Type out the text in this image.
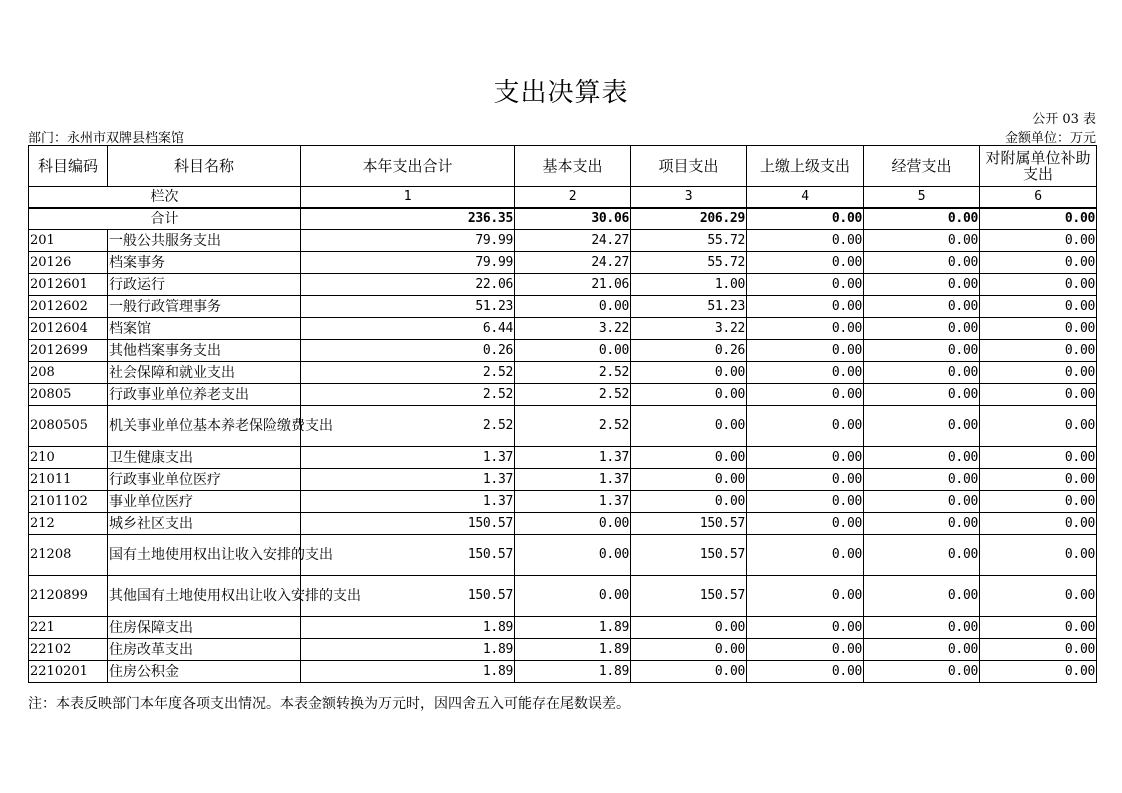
支出决算表
公开 03 表
部门：永州市双牌县档案馆	金额单位：万元
科目编码	科目名称	本年支出合计	基本支出	项目支出	上缴上级支出	经营支出	对附属单位补助支出
栏次		1	2	3	4	5	6
合计		236.35	30.06	206.29	0.00	0.00	0.00
201	一般公共服务支出	79.99	24.27	55.72	0.00	0.00	0.00
20126	档案事务	79.99	24.27	55.72	0.00	0.00	0.00
2012601	行政运行	22.06	21.06	1.00	0.00	0.00	0.00
2012602	一般行政管理事务	51.23	0.00	51.23	0.00	0.00	0.00
2012604	档案馆	6.44	3.22	3.22	0.00	0.00	0.00
2012699	其他档案事务支出	0.26	0.00	0.26	0.00	0.00	0.00
208	社会保障和就业支出	2.52	2.52	0.00	0.00	0.00	0.00
20805	行政事业单位养老支出	2.52	2.52	0.00	0.00	0.00	0.00
2080505	机关事业单位基本养老保险缴费支出	2.52	2.52	0.00	0.00	0.00	0.00
210	卫生健康支出	1.37	1.37	0.00	0.00	0.00	0.00
21011	行政事业单位医疗	1.37	1.37	0.00	0.00	0.00	0.00
2101102	事业单位医疗	1.37	1.37	0.00	0.00	0.00	0.00
212	城乡社区支出	150.57	0.00	150.57	0.00	0.00	0.00
21208	国有土地使用权出让收入安排的支出	150.57	0.00	150.57	0.00	0.00	0.00
2120899	其他国有土地使用权出让收入安排的支出	150.57	0.00	150.57	0.00	0.00	0.00
221	住房保障支出	1.89	1.89	0.00	0.00	0.00	0.00
22102	住房改革支出	1.89	1.89	0.00	0.00	0.00	0.00
2210201	住房公积金	1.89	1.89	0.00	0.00	0.00	0.00
注：本表反映部门本年度各项支出情况。本表金额转换为万元时，因四舍五入可能存在尾数误差。
